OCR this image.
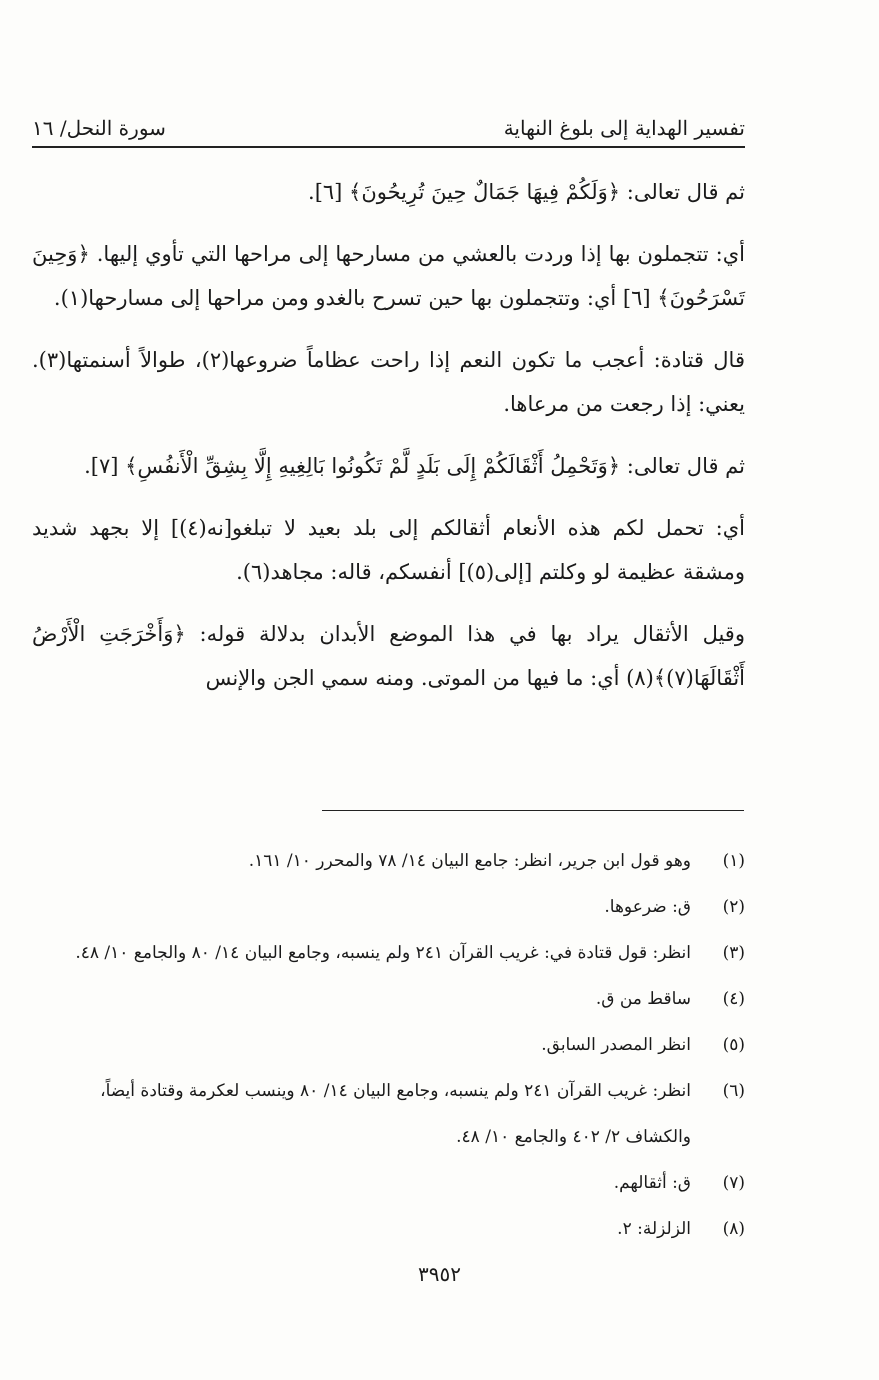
تفسير الهداية إلى بلوغ النهاية
سورة النحل/ ١٦

ثم قال تعالى: ﴿وَلَكُمْ فِيهَا جَمَالٌ حِينَ تُرِيحُونَ﴾ [٦].

أي: تتجملون بها إذا وردت بالعشي من مسارحها إلى مراحها التي تأوي إليها. ﴿وَحِينَ تَسْرَحُونَ﴾ [٦] أي: وتتجملون بها حين تسرح بالغدو ومن مراحها إلى مسارحها(١).

قال قتادة: أعجب ما تكون النعم إذا راحت عظاماً ضروعها(٢)، طوالاً أسنمتها(٣). يعني: إذا رجعت من مرعاها.

ثم قال تعالى: ﴿وَتَحْمِلُ أَثْقَالَكُمْ إِلَى بَلَدٍ لَّمْ تَكُونُوا بَالِغِيهِ إِلَّا بِشِقِّ الْأَنفُسِ﴾ [٧].

أي: تحمل لكم هذه الأنعام أثقالكم إلى بلد بعيد لا تبلغو[نه(٤)] إلا بجهد شديد ومشقة عظيمة لو وكلتم [إلى(٥)] أنفسكم، قاله: مجاهد(٦).

وقيل الأثقال يراد بها في هذا الموضع الأبدان بدلالة قوله: ﴿وَأَخْرَجَتِ الْأَرْضُ أَثْقَالَهَا(٧)﴾(٨) أي: ما فيها من الموتى. ومنه سمي الجن والإنس

(١)
وهو قول ابن جرير، انظر: جامع البيان ١٤/ ٧٨ والمحرر ١٠/ ١٦١.
(٢)
ق: ضرعوها.
(٣)
انظر: قول قتادة في: غريب القرآن ٢٤١ ولم ينسبه، وجامع البيان ١٤/ ٨٠ والجامع ١٠/ ٤٨.
(٤)
ساقط من ق.
(٥)
انظر المصدر السابق.
(٦)
انظر: غريب القرآن ٢٤١ ولم ينسبه، وجامع البيان ١٤/ ٨٠ وينسب لعكرمة وقتادة أيضاً، والكشاف ٢/ ٤٠٢ والجامع ١٠/ ٤٨.
(٧)
ق: أثقالهم.
(٨)
الزلزلة: ٢.
٣٩٥٢
